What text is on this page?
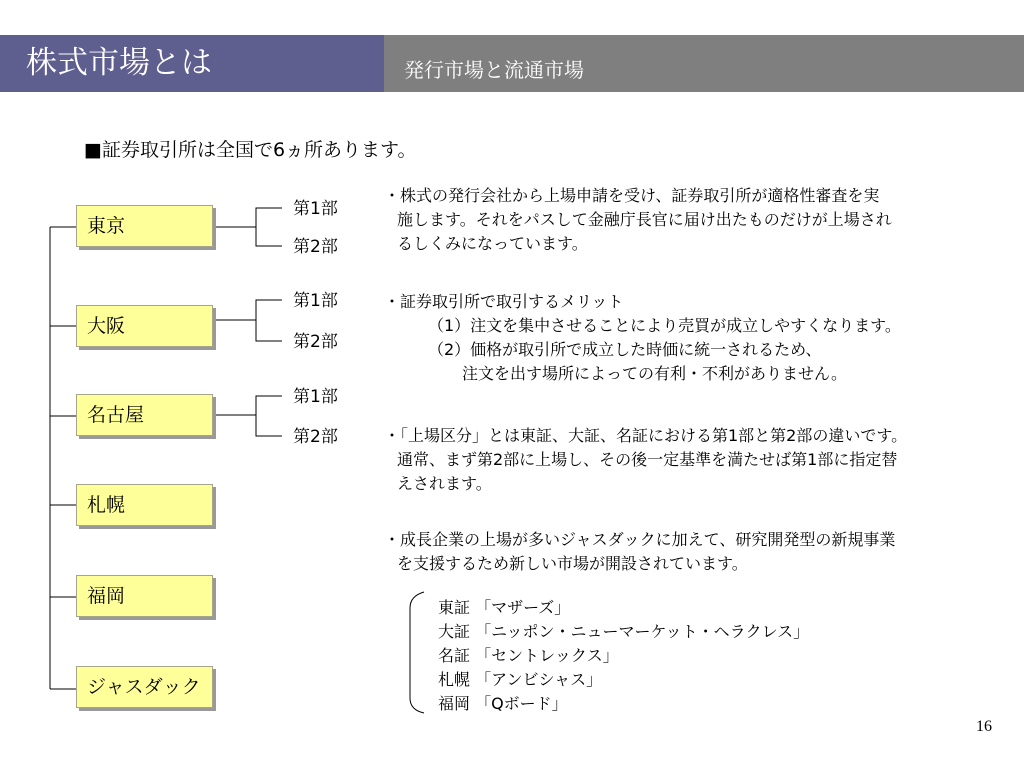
株式市場とは	発行市場と流通市場
■証券取引所は全国で6ヵ所あります。
東京
大阪
名古屋
札幌
福岡
ジャスダック
第1部
第2部
第1部
第2部
第1部
第2部

・株式の発行会社から上場申請を受け、証券取引所が適格性審査を実

施します。それをパスして金融庁長官に届け出たものだけが上場され

るしくみになっています。

・証券取引所で取引するメリット

（1）注文を集中させることにより売買が成立しやすくなります。

（2）価格が取引所で成立した時価に統一されるため、

注文を出す場所によっての有利・不利がありません。

・「上場区分」とは東証、大証、名証における第1部と第2部の違いです。

通常、まず第2部に上場し、その後一定基準を満たせば第1部に指定替

えされます。

・成長企業の上場が多いジャスダックに加えて、研究開発型の新規事業

を支援するため新しい市場が開設されています。

東証 「マザーズ」
大証 「ニッポン・ニューマーケット・ヘラクレス」
名証 「セントレックス」
札幌 「アンビシャス」
福岡 「Qボード」
16
